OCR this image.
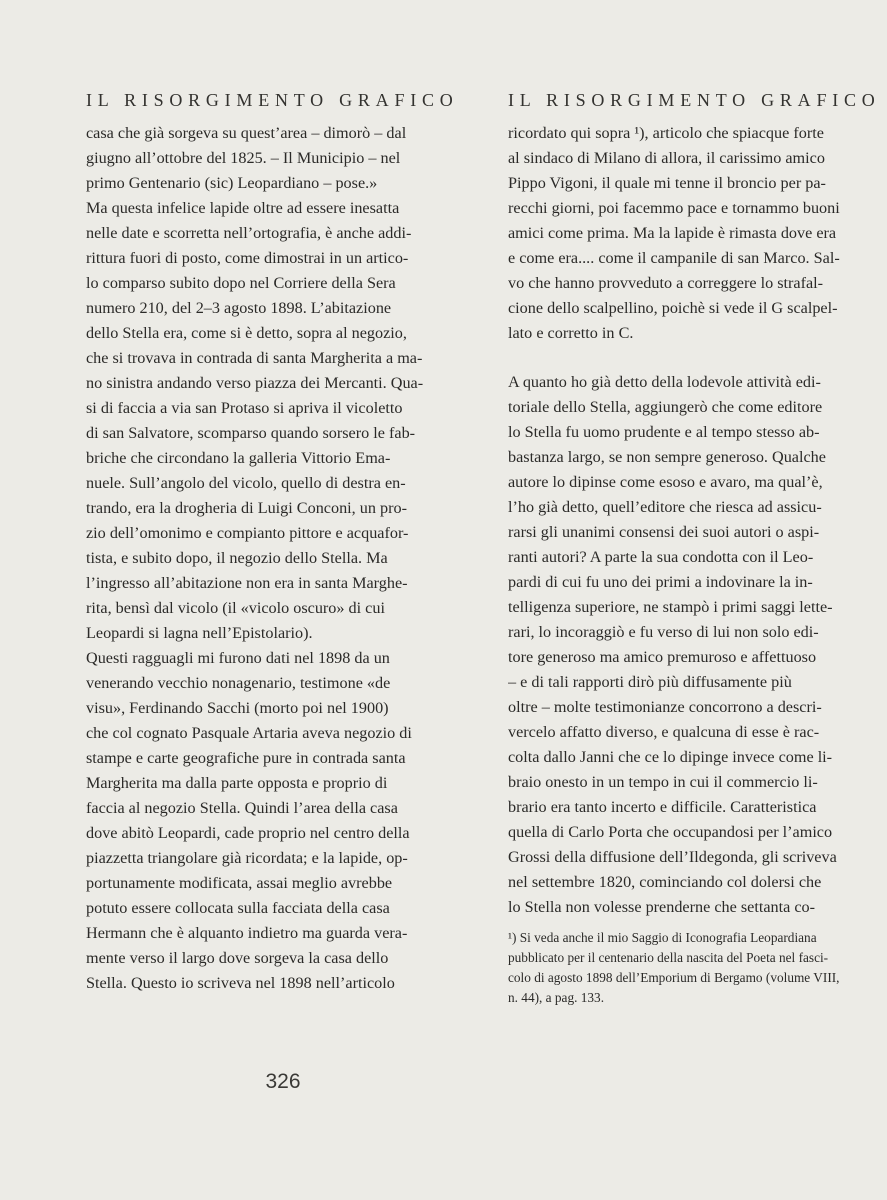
IL RISORGIMENTO GRAFICO
casa che già sorgeva su quest’area – dimorò – dal
giugno all’ottobre del 1825. – Il Municipio – nel
primo Gentenario (sic) Leopardiano – pose.»
Ma questa infelice lapide oltre ad essere inesatta
nelle date e scorretta nell’ortografia, è anche addi-
rittura fuori di posto, come dimostrai in un artico-
lo comparso subito dopo nel Corriere della Sera
numero 210, del 2–3 agosto 1898. L’abitazione
dello Stella era, come si è detto, sopra al negozio,
che si trovava in contrada di santa Margherita a ma-
no sinistra andando verso piazza dei Mercanti. Qua-
si di faccia a via san Protaso si apriva il vicoletto
di san Salvatore, scomparso quando sorsero le fab-
briche che circondano la galleria Vittorio Ema-
nuele. Sull’angolo del vicolo, quello di destra en-
trando, era la drogheria di Luigi Conconi, un pro-
zio dell’omonimo e compianto pittore e acquafor-
tista, e subito dopo, il negozio dello Stella. Ma
l’ingresso all’abitazione non era in santa Marghe-
rita, bensì dal vicolo (il «vicolo oscuro» di cui
Leopardi si lagna nell’Epistolario).
Questi ragguagli mi furono dati nel 1898 da un
venerando vecchio nonagenario, testimone «de
visu», Ferdinando Sacchi (morto poi nel 1900)
che col cognato Pasquale Artaria aveva negozio di
stampe e carte geografiche pure in contrada santa
Margherita ma dalla parte opposta e proprio di
faccia al negozio Stella. Quindi l’area della casa
dove abitò Leopardi, cade proprio nel centro della
piazzetta triangolare già ricordata; e la lapide, op-
portunamente modificata, assai meglio avrebbe
potuto essere collocata sulla facciata della casa
Hermann che è alquanto indietro ma guarda vera-
mente verso il largo dove sorgeva la casa dello
Stella. Questo io scriveva nel 1898 nell’articolo
IL RISORGIMENTO GRAFICO
ricordato qui sopra ¹), articolo che spiacque forte
al sindaco di Milano di allora, il carissimo amico
Pippo Vigoni, il quale mi tenne il broncio per pa-
recchi giorni, poi facemmo pace e tornammo buoni
amici come prima. Ma la lapide è rimasta dove era
e come era.... come il campanile di san Marco. Sal-
vo che hanno provveduto a correggere lo strafal-
cione dello scalpellino, poichè si vede il G scalpel-
lato e corretto in C.
A quanto ho già detto della lodevole attività edi-
toriale dello Stella, aggiungerò che come editore
lo Stella fu uomo prudente e al tempo stesso ab-
bastanza largo, se non sempre generoso. Qualche
autore lo dipinse come esoso e avaro, ma qual’è,
l’ho già detto, quell’editore che riesca ad assicu-
rarsi gli unanimi consensi dei suoi autori o aspi-
ranti autori? A parte la sua condotta con il Leo-
pardi di cui fu uno dei primi a indovinare la in-
telligenza superiore, ne stampò i primi saggi lette-
rari, lo incoraggiò e fu verso di lui non solo edi-
tore generoso ma amico premuroso e affettuoso
– e di tali rapporti dirò più diffusamente più
oltre – molte testimonianze concorrono a descri-
vercelo affatto diverso, e qualcuna di esse è rac-
colta dallo Janni che ce lo dipinge invece come li-
braio onesto in un tempo in cui il commercio li-
brario era tanto incerto e difficile. Caratteristica
quella di Carlo Porta che occupandosi per l’amico
Grossi della diffusione dell’Ildegonda, gli scriveva
nel settembre 1820, cominciando col dolersi che
lo Stella non volesse prenderne che settanta co-
¹) Si veda anche il mio Saggio di Iconografia Leopardiana
pubblicato per il centenario della nascita del Poeta nel fasci-
colo di agosto 1898 dell’Emporium di Bergamo (volume VIII,
n. 44), a pag. 133.
326
